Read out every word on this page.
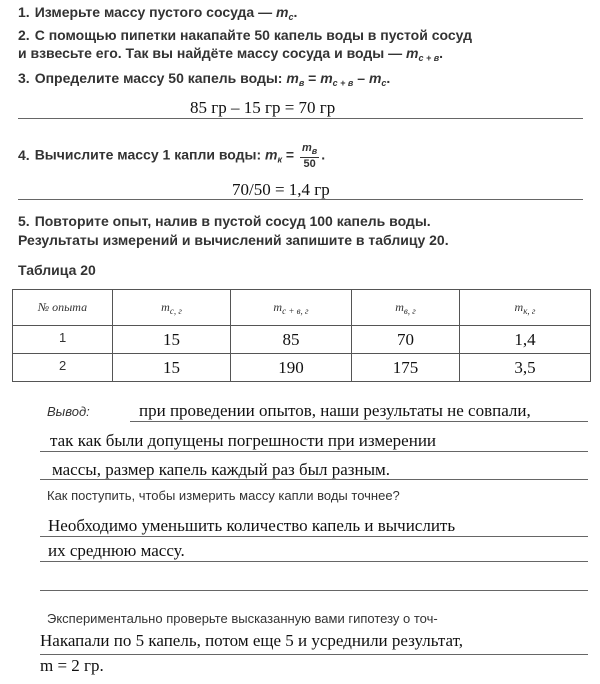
1. Измерьте массу пустого сосуда — $m_с$.
2. С помощью пипетки накапайте 50 капель воды в пустой сосуд
и взвесьте его. Так вы найдёте массу сосуда и воды — $m_{с + в}$.
3. Определите массу 50 капель воды: $m_в = m_{с + в} - m_с$.
85 гр – 15 гр = 70 гр
4. Вычислите массу 1 капли воды: $m_к = \frac{m_в}{50}$ .
70/50 = 1,4 гр
5. Повторите опыт, налив в пустой сосуд 100 капель воды.
Результаты измерений и вычислений запишите в таблицу 20.
Таблица 20
№ опыта	$m_{с, г}$	$m_{с + в, г}$	$m_{в, г}$	$m_{к, г}$

1	15	85	70	1,4

2	15	190	175	3,5
Вывод:	при проведении опытов, наши результаты не совпали,
так как были допущены погрешности при измерении
массы, размер капель каждый раз был разным.
Как поступить, чтобы измерить массу капли воды точнее?
Необходимо уменьшить количество капель и вычислить
их среднюю массу.
Экспериментально проверьте высказанную вами гипотезу о точ-
Накапали по 5 капель, потом еще 5 и усреднили результат,
m = 2 гр.
